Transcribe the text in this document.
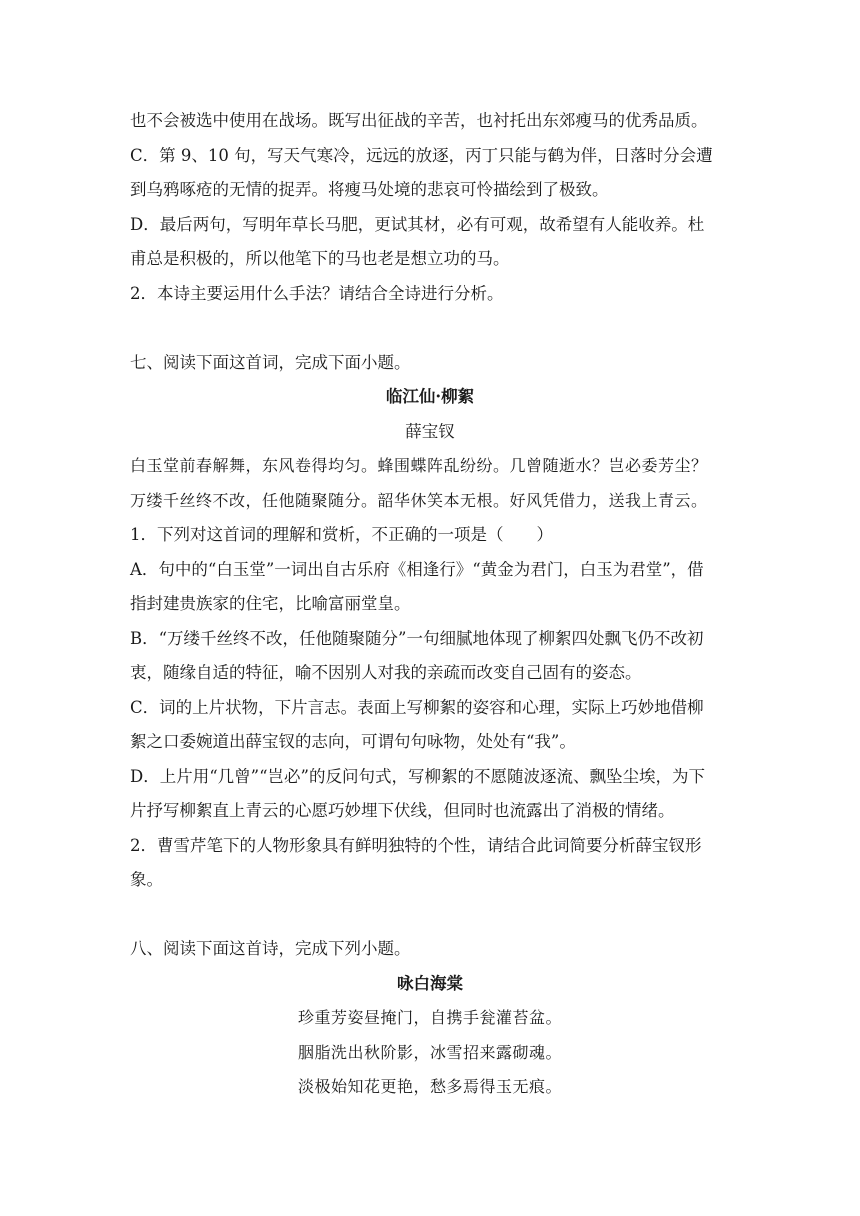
也不会被选中使用在战场。既写出征战的辛苦，也衬托出东郊瘦马的优秀品质。

C．第 9、10 句，写天气寒冷，远远的放逐，丙丁只能与鹤为伴，日落时分会遭

到乌鸦啄疮的无情的捉弄。将瘦马处境的悲哀可怜描绘到了极致。

D．最后两句，写明年草长马肥，更试其材，必有可观，故希望有人能收养。杜

甫总是积极的，所以他笔下的马也老是想立功的马。

2．本诗主要运用什么手法？请结合全诗进行分析。

七、阅读下面这首词，完成下面小题。

临江仙·柳絮

薛宝钗

白玉堂前春解舞，东风卷得均匀。蜂围蝶阵乱纷纷。几曾随逝水？岂必委芳尘？

万缕千丝终不改，任他随聚随分。韶华休笑本无根。好风凭借力，送我上青云。

1．下列对这首词的理解和赏析，不正确的一项是（　　）

A．句中的“白玉堂”一词出自古乐府《相逢行》“黄金为君门，白玉为君堂”，借

指封建贵族家的住宅，比喻富丽堂皇。

B．“万缕千丝终不改，任他随聚随分”一句细腻地体现了柳絮四处飘飞仍不改初

衷，随缘自适的特征，喻不因别人对我的亲疏而改变自己固有的姿态。

C．词的上片状物，下片言志。表面上写柳絮的姿容和心理，实际上巧妙地借柳

絮之口委婉道出薛宝钗的志向，可谓句句咏物，处处有“我”。

D．上片用“几曾”“岂必”的反问句式，写柳絮的不愿随波逐流、飘坠尘埃，为下

片抒写柳絮直上青云的心愿巧妙埋下伏线，但同时也流露出了消极的情绪。

2．曹雪芹笔下的人物形象具有鲜明独特的个性，请结合此词简要分析薛宝钗形

象。

八、阅读下面这首诗，完成下列小题。

咏白海棠

珍重芳姿昼掩门，自携手瓮灌苔盆。

胭脂洗出秋阶影，冰雪招来露砌魂。

淡极始知花更艳，愁多焉得玉无痕。
